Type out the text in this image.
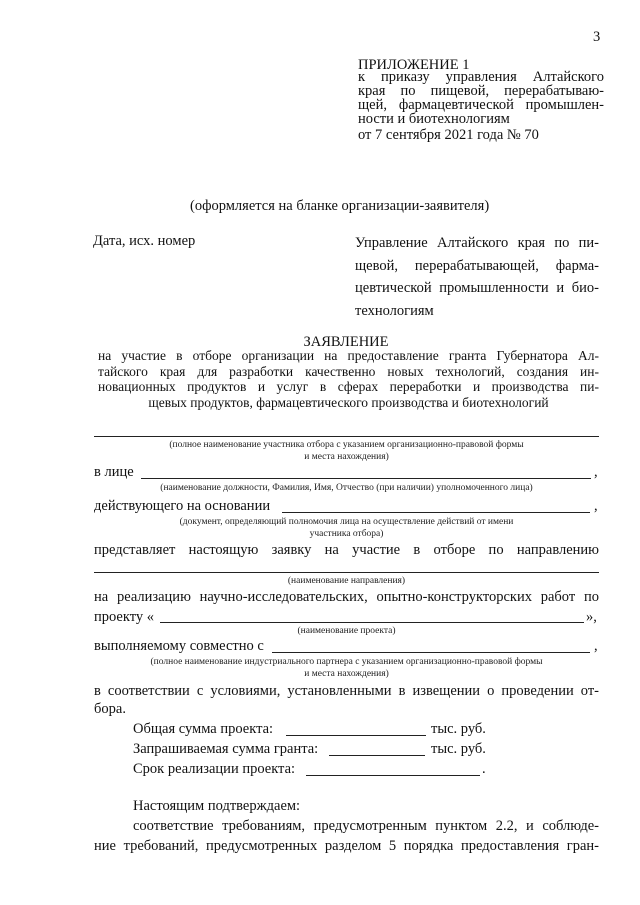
3
ПРИЛОЖЕНИЕ 1
к приказу управления Алтайского
края по пищевой, перерабатываю-
щей, фармацевтической промышлен-
ности и биотехнологиям
от 7 сентября 2021 года № 70
(оформляется на бланке организации-заявителя)
Дата, исх. номер	Управление Алтайского края по пи-
щевой, перерабатывающей, фарма-
цевтической промышленности и био-
технологиям
ЗАЯВЛЕНИЕ
на участие в отборе организации на предоставление гранта Губернатора Ал-
тайского края для разработки качественно новых технологий, создания ин-
новационных продуктов и услуг в сферах переработки и производства пи-
щевых продуктов, фармацевтического производства и биотехнологий
(полное наименование участника отбора с указанием организационно-правовой формы
и места нахождения)
в лице	,
(наименование должности, Фамилия, Имя, Отчество (при наличии) уполномоченного лица)
действующего на основании	,
(документ, определяющий полномочия лица на осуществление действий от имени
участника отбора)
представляет настоящую заявку на участие в отборе по направлению
(наименование направления)
на реализацию научно-исследовательских, опытно-конструкторских работ по
проекту «	»,
(наименование проекта)
выполняемому совместно с	,
(полное наименование индустриального партнера с указанием организационно-правовой формы
и места нахождения)
в соответствии с условиями, установленными в извещении о проведении от-
бора.
Общая сумма проекта:	тыс. руб.
Запрашиваемая сумма гранта:	тыс. руб.
Срок реализации проекта:	.
Настоящим подтверждаем:
соответствие требованиям, предусмотренным пунктом 2.2, и соблюде-
ние требований, предусмотренных разделом 5 порядка предоставления гран-
